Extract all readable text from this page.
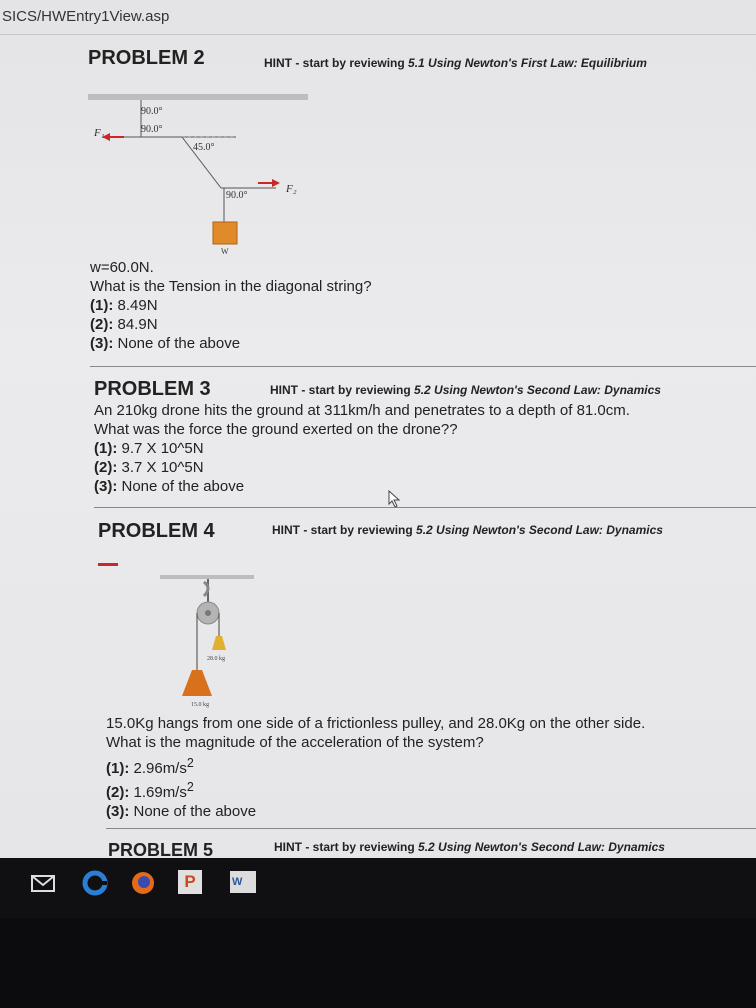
SICS/HWEntry1View.asp
PROBLEM 2	HINT - start by reviewing 5.1 Using Newton's First Law: Equilibrium
90.0°
90.0°
45.0°
90.0°
W
F₁
F₂
w=60.0N.
What is the Tension in the diagonal string?
(1): 8.49N
(2): 84.9N
(3): None of the above
PROBLEM 3	HINT - start by reviewing 5.2 Using Newton's Second Law: Dynamics
An 210kg drone hits the ground at 311km/h and penetrates to a depth of 81.0cm.
What was the force the ground exerted on the drone??
(1): 9.7 X 10^5N
(2): 3.7 X 10^5N
(3): None of the above
PROBLEM 4	HINT - start by reviewing 5.2 Using Newton's Second Law: Dynamics
28.0 kg
15.0 kg
15.0Kg hangs from one side of a frictionless pulley, and 28.0Kg on the other side.
What is the magnitude of the acceleration of the system?
(1): $2.96m/s^2$
(2): $1.69m/s^2$
(3): None of the above
PROBLEM 5	HINT - start by reviewing 5.2 Using Newton's Second Law: Dynamics
P	W
